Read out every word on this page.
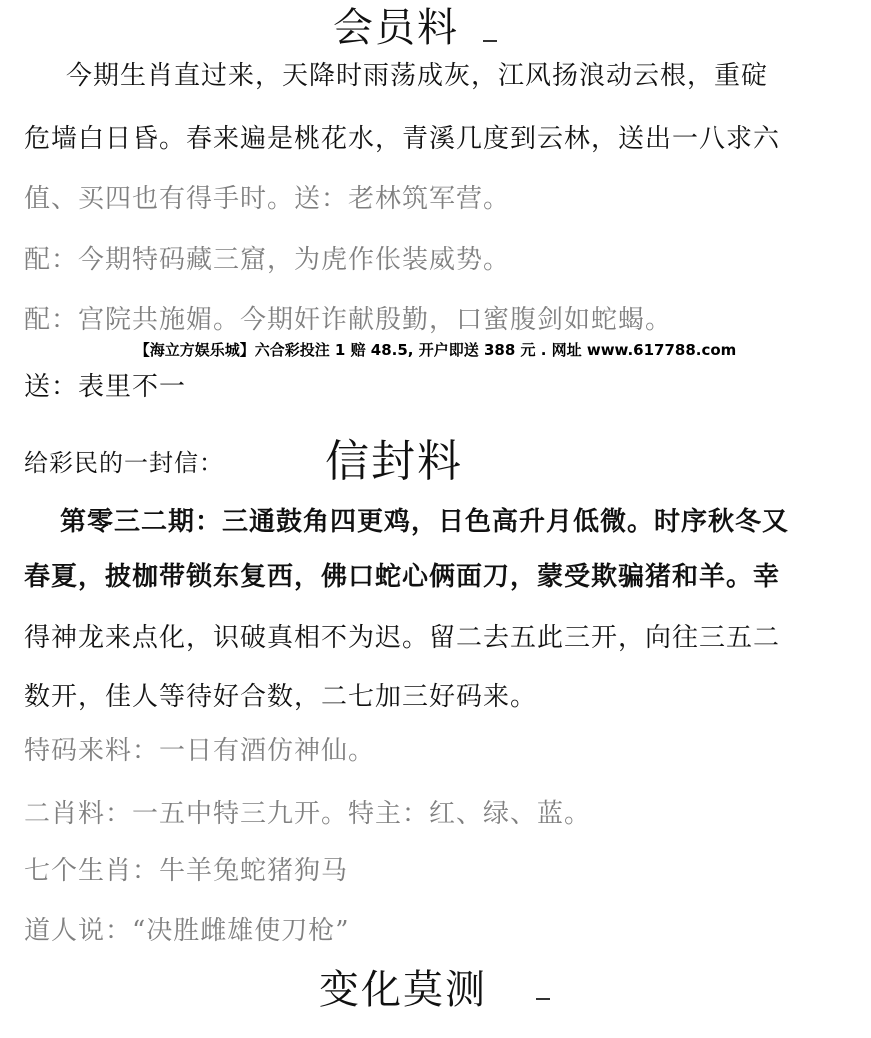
会员料
今期生肖直过来，天降时雨荡成灰，江风扬浪动云根，重碇
危墙白日昏。春来遍是桃花水，青溪几度到云林，送出一八求六
值、买四也有得手时。送：老林筑军营。
配：今期特码藏三窟，为虎作伥装威势。
配：宫院共施媚。今期奸诈献殷勤，口蜜腹剑如蛇蝎。
【海立方娱乐城】六合彩投注 1 赔 48.5, 开户即送 388 元 . 网址 www.617788.com
送：表里不一
给彩民的一封信： 信封料
第零三二期：三通鼓角四更鸡，日色高升月低微。时序秋冬又
春夏，披枷带锁东复西，佛口蛇心俩面刀，蒙受欺骗猪和羊。幸
得神龙来点化，识破真相不为迟。留二去五此三开，向往三五二
数开，佳人等待好合数，二七加三好码来。
特码来料：一日有酒仿神仙。
二肖料：一五中特三九开。特主：红、绿、蓝。
七个生肖：牛羊兔蛇猪狗马
道人说：“决胜雌雄使刀枪”
变化莫测
